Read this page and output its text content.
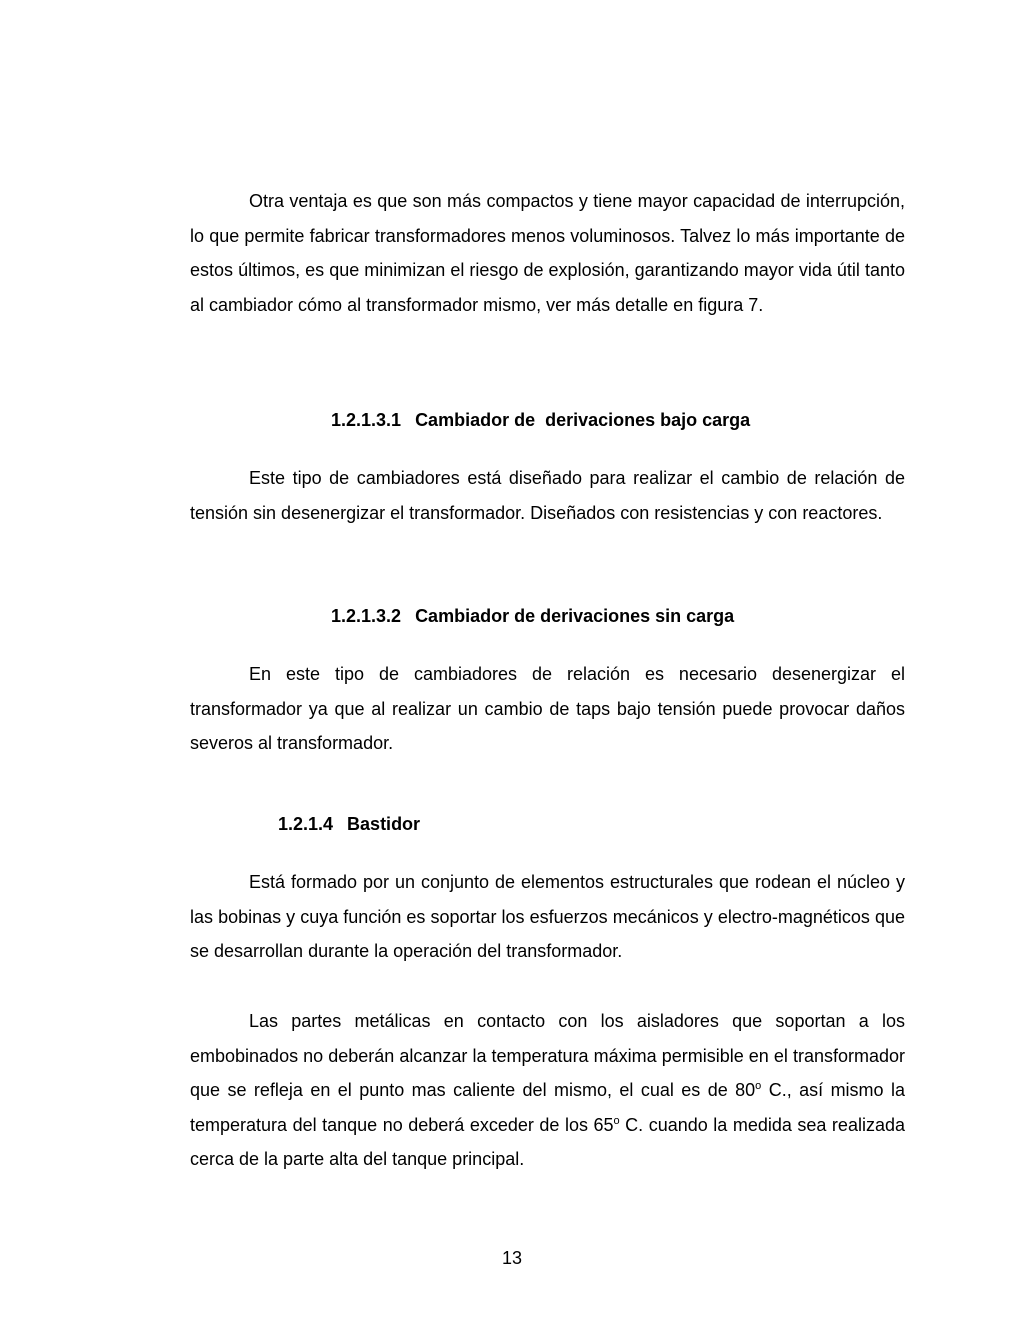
Otra ventaja es que son más compactos y tiene mayor capacidad de interrupción, lo que permite fabricar transformadores menos voluminosos. Talvez lo más importante de estos últimos, es que minimizan el riesgo de explosión, garantizando mayor vida útil tanto al cambiador cómo al transformador mismo, ver más detalle en figura 7.

1.2.1.3.1 Cambiador de  derivaciones bajo carga

Este tipo de cambiadores está diseñado para realizar el cambio de relación de tensión sin desenergizar el transformador. Diseñados con resistencias y con reactores.

1.2.1.3.2 Cambiador de derivaciones sin carga

En este tipo de cambiadores de relación es necesario desenergizar el transformador ya que al realizar un cambio de taps bajo tensión puede provocar daños severos al transformador.

1.2.1.4 Bastidor

Está formado por un conjunto de elementos estructurales que rodean el núcleo y las bobinas y cuya función es soportar los esfuerzos mecánicos y electro-magnéticos que se desarrollan durante la operación del transformador.

Las partes metálicas en contacto con los aisladores que soportan a los embobinados no deberán alcanzar la temperatura máxima permisible en el transformador que se refleja en el punto mas caliente del mismo, el cual es de 80$^o$ C., así mismo la temperatura del tanque no deberá exceder de los 65$^o$ C. cuando la medida sea realizada cerca de la parte alta del tanque principal.

13
